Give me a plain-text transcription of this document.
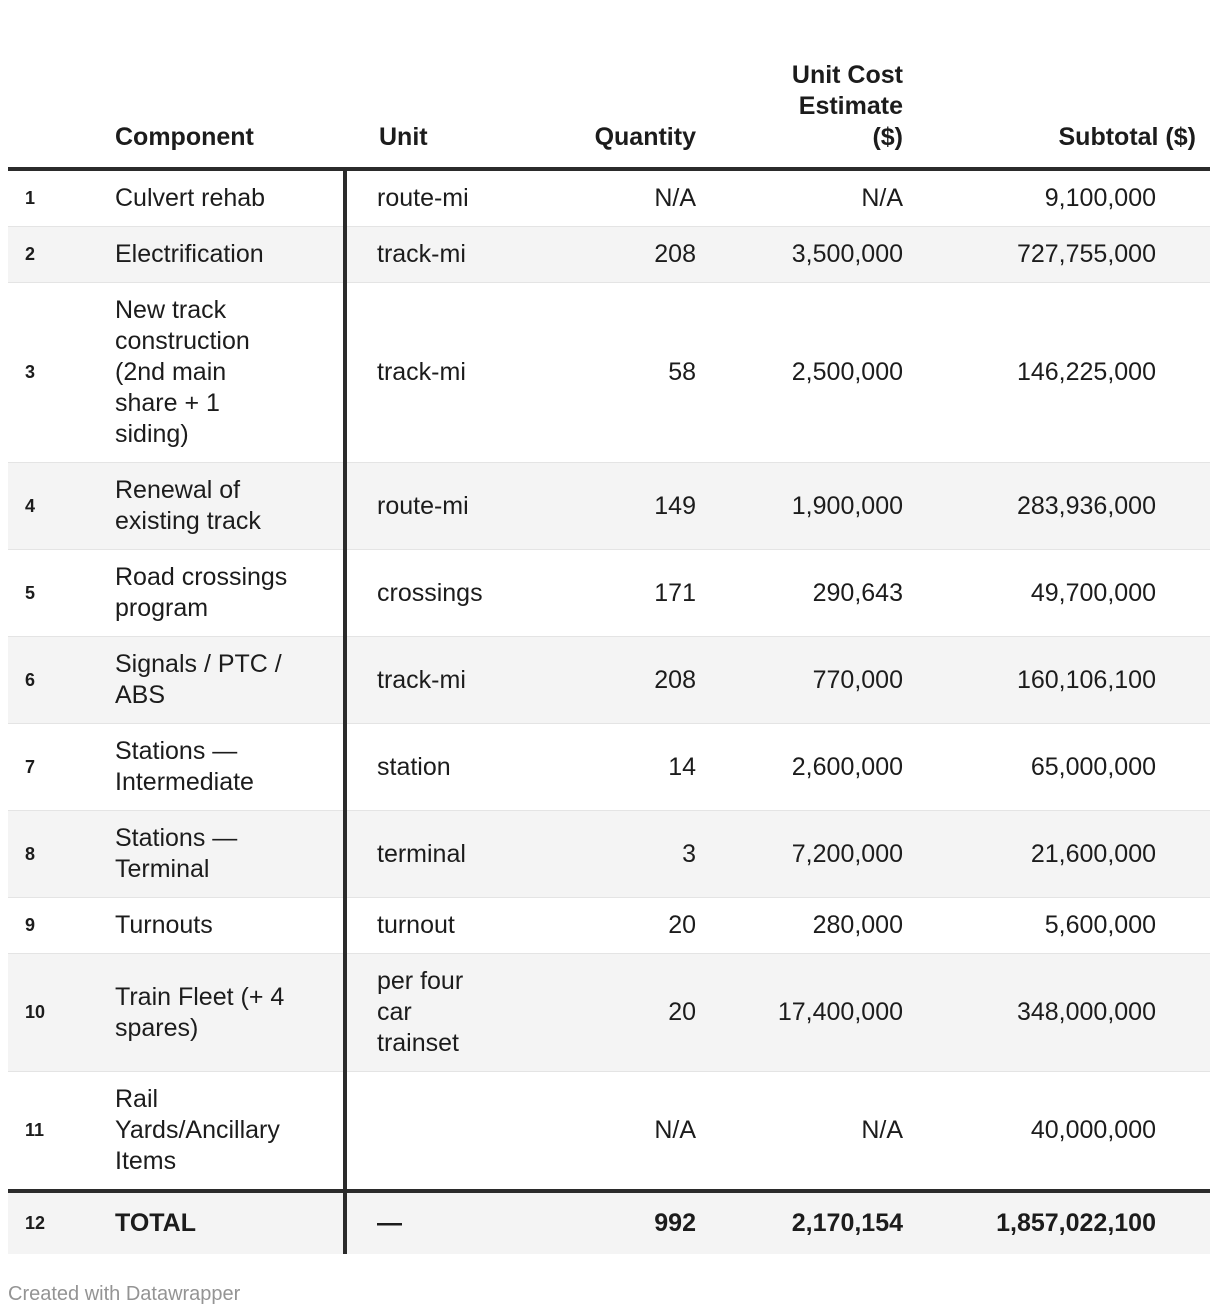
	Component	Unit	Quantity	Unit Cost Estimate ($)	Subtotal ($)
1	Culvert rehab	route-mi	N/A	N/A	9,100,000
2	Electrification	track-mi	208	3,500,000	727,755,000
3	New track construction (2nd main share + 1 siding)	track-mi	58	2,500,000	146,225,000
4	Renewal of existing track	route-mi	149	1,900,000	283,936,000
5	Road crossings program	crossings	171	290,643	49,700,000
6	Signals / PTC / ABS	track-mi	208	770,000	160,106,100
7	Stations — Intermediate	station	14	2,600,000	65,000,000
8	Stations — Terminal	terminal	3	7,200,000	21,600,000
9	Turnouts	turnout	20	280,000	5,600,000
10	Train Fleet (+ 4 spares)	per four car trainset	20	17,400,000	348,000,000
11	Rail Yards/Ancillary Items		N/A	N/A	40,000,000
12	TOTAL	—	992	2,170,154	1,857,022,100
Created with Datawrapper
